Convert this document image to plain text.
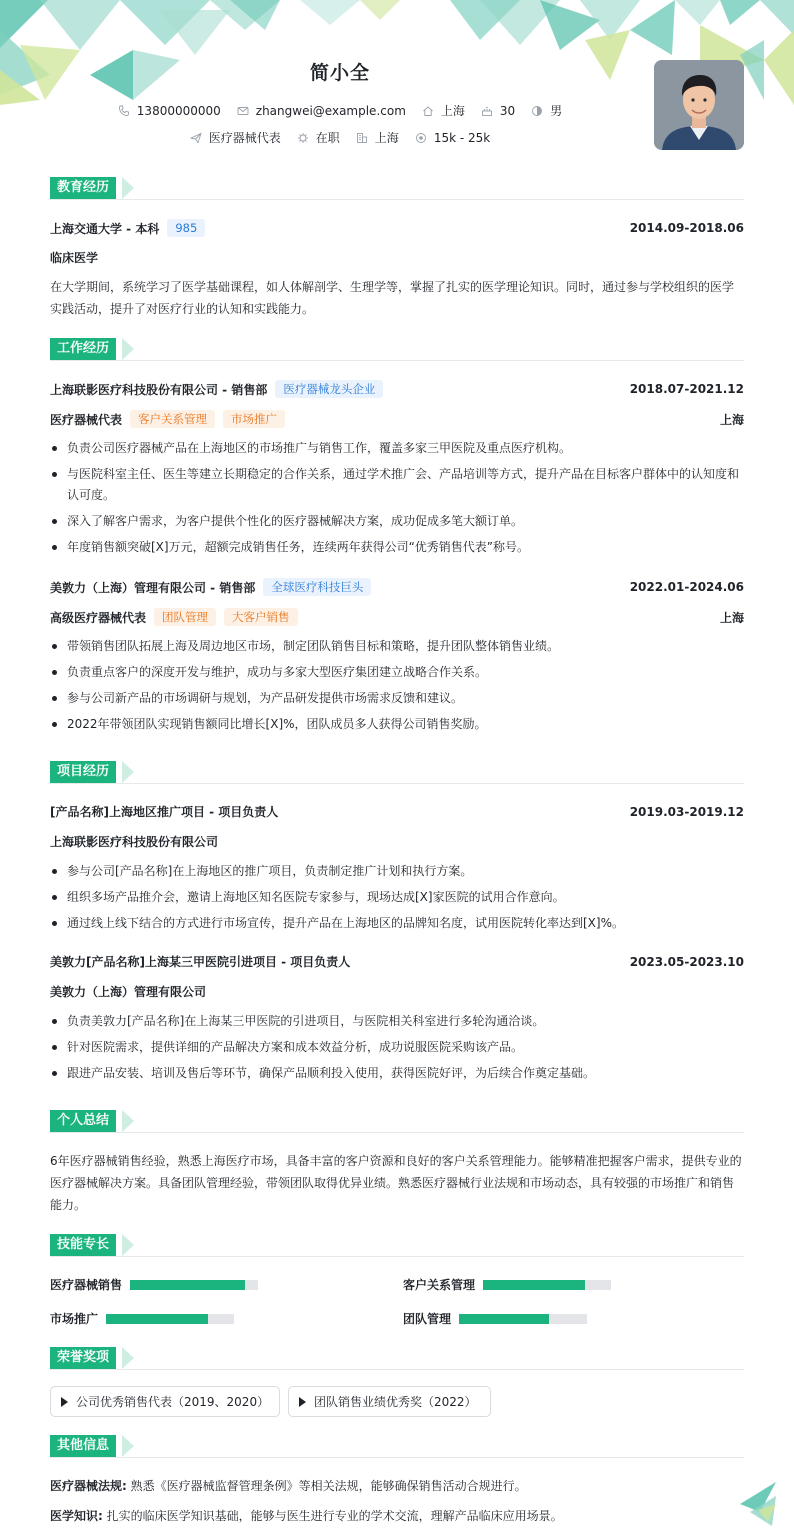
简小全
13800000000	zhangwei@example.com	上海	30	男
医疗器械代表	在职	上海	15k - 25k
教育经历
上海交通大学 - 本科	985	2014.09-2018.06
临床医学
在大学期间，系统学习了医学基础课程，如人体解剖学、生理学等，掌握了扎实的医学理论知识。同时，通过参与学校组织的医学实践活动，提升了对医疗行业的认知和实践能力。
工作经历
上海联影医疗科技股份有限公司 - 销售部	医疗器械龙头企业	2018.07-2021.12
医疗器械代表	客户关系管理	市场推广	上海
负责公司医疗器械产品在上海地区的市场推广与销售工作，覆盖多家三甲医院及重点医疗机构。
与医院科室主任、医生等建立长期稳定的合作关系，通过学术推广会、产品培训等方式，提升产品在目标客户群体中的认知度和认可度。
深入了解客户需求，为客户提供个性化的医疗器械解决方案，成功促成多笔大额订单。
年度销售额突破[X]万元，超额完成销售任务，连续两年获得公司“优秀销售代表”称号。
美敦力（上海）管理有限公司 - 销售部	全球医疗科技巨头	2022.01-2024.06
高级医疗器械代表	团队管理	大客户销售	上海
带领销售团队拓展上海及周边地区市场，制定团队销售目标和策略，提升团队整体销售业绩。
负责重点客户的深度开发与维护，成功与多家大型医疗集团建立战略合作关系。
参与公司新产品的市场调研与规划，为产品研发提供市场需求反馈和建议。
2022年带领团队实现销售额同比增长[X]%，团队成员多人获得公司销售奖励。
项目经历
[产品名称]上海地区推广项目 - 项目负责人	2019.03-2019.12
上海联影医疗科技股份有限公司
参与公司[产品名称]在上海地区的推广项目，负责制定推广计划和执行方案。
组织多场产品推介会，邀请上海地区知名医院专家参与，现场达成[X]家医院的试用合作意向。
通过线上线下结合的方式进行市场宣传，提升产品在上海地区的品牌知名度，试用医院转化率达到[X]%。
美敦力[产品名称]上海某三甲医院引进项目 - 项目负责人	2023.05-2023.10
美敦力（上海）管理有限公司
负责美敦力[产品名称]在上海某三甲医院的引进项目，与医院相关科室进行多轮沟通洽谈。
针对医院需求，提供详细的产品解决方案和成本效益分析，成功说服医院采购该产品。
跟进产品安装、培训及售后等环节，确保产品顺利投入使用，获得医院好评，为后续合作奠定基础。
个人总结
6年医疗器械销售经验，熟悉上海医疗市场，具备丰富的客户资源和良好的客户关系管理能力。能够精准把握客户需求，提供专业的医疗器械解决方案。具备团队管理经验，带领团队取得优异业绩。熟悉医疗器械行业法规和市场动态，具有较强的市场推广和销售能力。
技能专长
医疗器械销售	客户关系管理
市场推广	团队管理
荣誉奖项
公司优秀销售代表（2019、2020）	团队销售业绩优秀奖（2022）
其他信息
医疗器械法规: 熟悉《医疗器械监督管理条例》等相关法规，能够确保销售活动合规进行。
医学知识: 扎实的临床医学知识基础，能够与医生进行专业的学术交流，理解产品临床应用场景。
